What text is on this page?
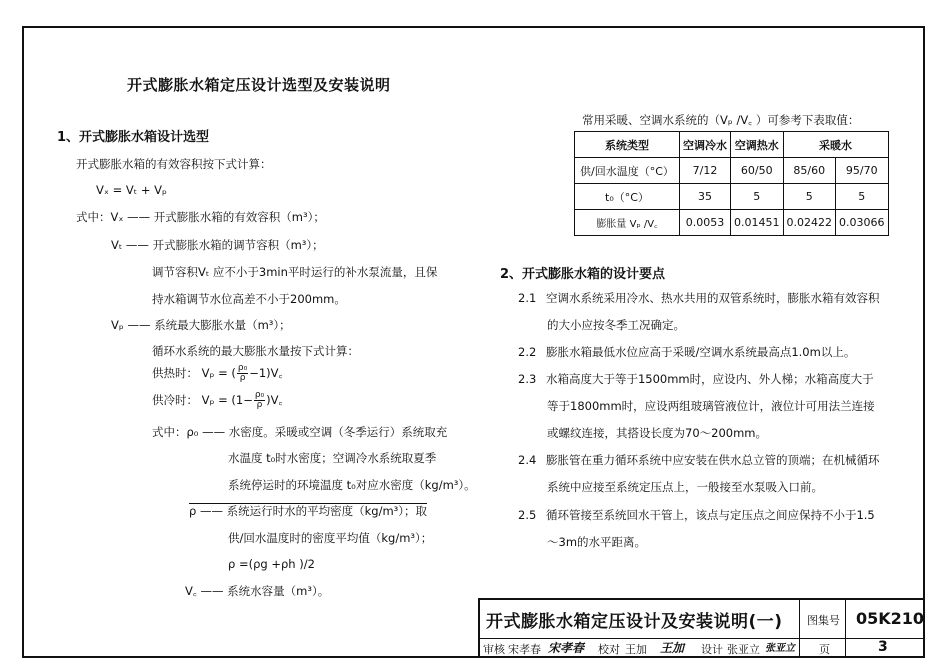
开式膨胀水箱定压设计选型及安装说明
1、开式膨胀水箱设计选型
开式膨胀水箱的有效容积按下式计算：
Vₓ = Vₜ + Vₚ
式中：Vₓ —— 开式膨胀水箱的有效容积（m³）；
Vₜ —— 开式膨胀水箱的调节容积（m³）；
调节容积Vₜ 应不小于3min平时运行的补水泵流量，且保
持水箱调节水位高差不小于200mm。
Vₚ —— 系统最大膨胀水量（m³）；
循环水系统的最大膨胀水量按下式计算：
供热时： Vₚ = ( $\frac{\text{ρ₀}}{\rho}$ −1)V꜀
供冷时： $V_p = (1- \frac{\text{ρ₀}}{\rho}$ )V꜀
式中：ρ₀ —— 水密度。采暖或空调（冬季运行）系统取充
水温度 t₀时水密度；空调冷水系统取夏季
系统停运时的环境温度 t₀对应水密度（kg/m³）。
ρ —— 系统运行时水的平均密度（kg/m³）；取
供/回水温度时的密度平均值（kg/m³）；
ρ =(ρg +ρh )/2
V꜀ —— 系统水容量（m³）。
常用采暖、空调水系统的（Vₚ /V꜀ ）可参考下表取值：
系统类型	空调冷水	空调热水	采暖水	
供/回水温度（°C）	7/12	60/50	85/60	95/70
t₀（°C）	35	5	5	5
膨胀量 Vₚ /V꜀	0.0053	0.01451	0.02422	0.03066
2、开式膨胀水箱的设计要点
2.1 空调水系统采用冷水、热水共用的双管系统时，膨胀水箱有效容积
的大小应按冬季工况确定。
2.2 膨胀水箱最低水位应高于采暖/空调水系统最高点1.0m以上。
2.3 水箱高度大于等于1500mm时，应设内、外人梯；水箱高度大于
等于1800mm时，应设两组玻璃管液位计，液位计可用法兰连接
或螺纹连接，其搭设长度为70～200mm。
2.4 膨胀管在重力循环系统中应安装在供水总立管的顶端；在机械循环
系统中应接至系统定压点上，一般接至水泵吸入口前。
2.5 循环管接至系统回水干管上，该点与定压点之间应保持不小于1.5
～3m的水平距离。
开式膨胀水箱定压设计及安装说明(一) 图集号 05K210
审核 宋孝春 宋孝春 校对 王加 王加 设计 张亚立 张亚立 页	3
